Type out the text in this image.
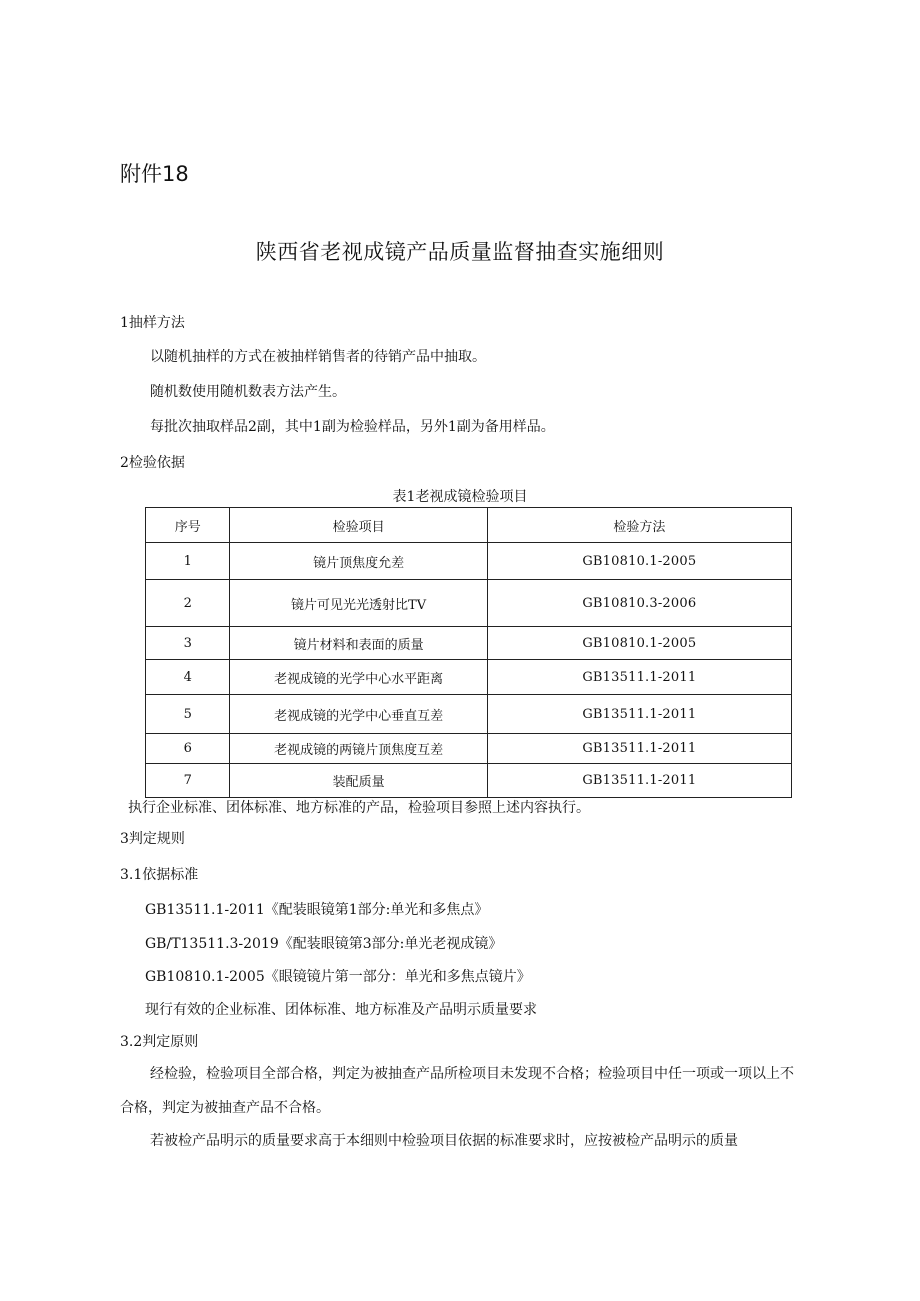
附件18
陕西省老视成镜产品质量监督抽查实施细则
1抽样方法
以随机抽样的方式在被抽样销售者的待销产品中抽取。
随机数使用随机数表方法产生。
每批次抽取样品2副，其中1副为检验样品，另外1副为备用样品。
2检验依据
表1老视成镜检验项目
序号	检验项目	检验方法
1	镜片顶焦度允差	GB10810.1-2005
2	镜片可见光光透射比TV	GB10810.3-2006
3	镜片材料和表面的质量	GB10810.1-2005
4	老视成镜的光学中心水平距离	GB13511.1-2011
5	老视成镜的光学中心垂直互差	GB13511.1-2011
6	老视成镜的两镜片顶焦度互差	GB13511.1-2011
7	装配质量	GB13511.1-2011
执行企业标准、团体标准、地方标准的产品，检验项目参照上述内容执行。
3判定规则
3.1依据标准
GB13511.1-2011《配装眼镜第1部分:单光和多焦点》
GB/T13511.3-2019《配装眼镜第3部分:单光老视成镜》
GB10810.1-2005《眼镜镜片第一部分：单光和多焦点镜片》
现行有效的企业标准、团体标准、地方标准及产品明示质量要求
3.2判定原则
经检验，检验项目全部合格，判定为被抽查产品所检项目未发现不合格；检验项目中任一项或一项以上不合格，判定为被抽查产品不合格。
若被检产品明示的质量要求高于本细则中检验项目依据的标准要求时，应按被检产品明示的质量
